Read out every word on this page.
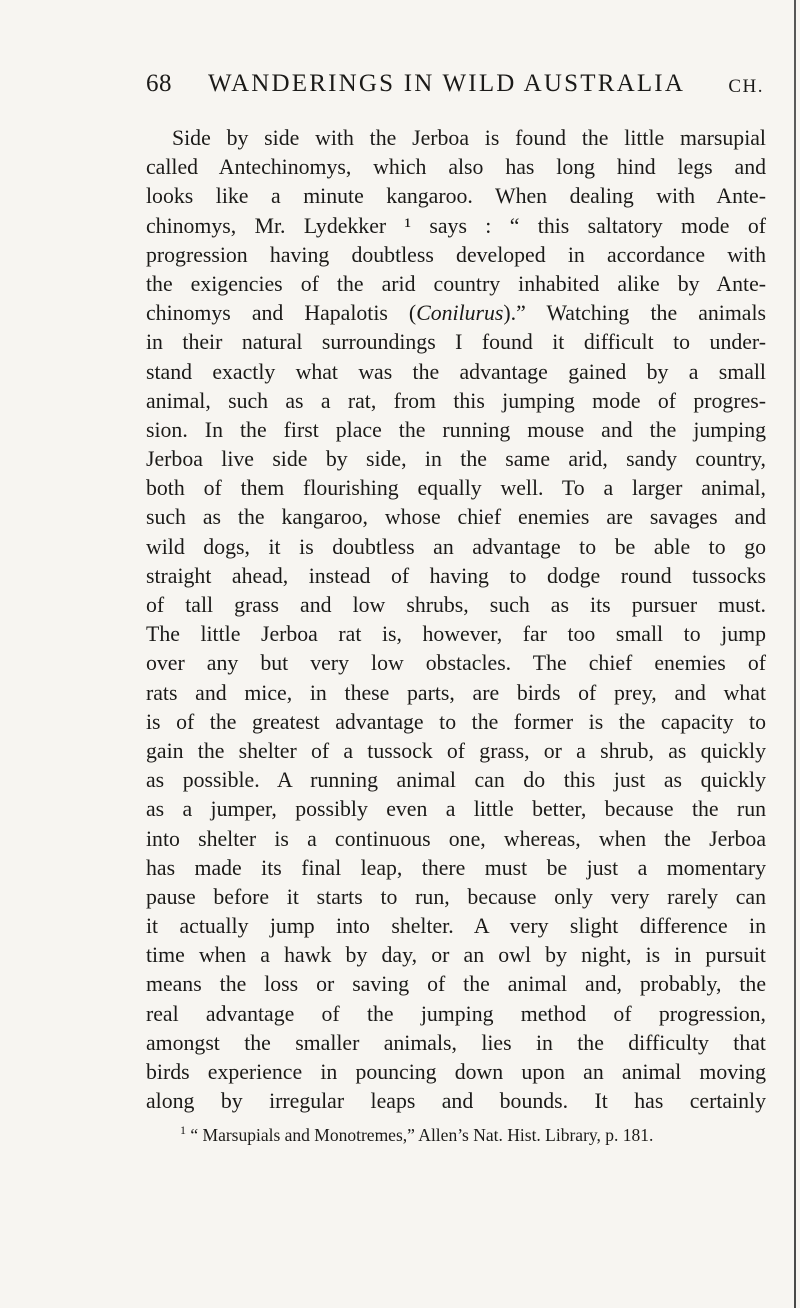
68 WANDERINGS IN WILD AUSTRALIA CH.
Side by side with the Jerboa is found the little marsupial
called Antechinomys, which also has long hind legs and
looks like a minute kangaroo. When dealing with Ante-
chinomys, Mr. Lydekker ¹ says : “ this saltatory mode of
progression having doubtless developed in accordance with
the exigencies of the arid country inhabited alike by Ante-
chinomys and Hapalotis (Conilurus).” Watching the animals
in their natural surroundings I found it difficult to under-
stand exactly what was the advantage gained by a small
animal, such as a rat, from this jumping mode of progres-
sion. In the first place the running mouse and the jumping
Jerboa live side by side, in the same arid, sandy country,
both of them flourishing equally well. To a larger animal,
such as the kangaroo, whose chief enemies are savages and
wild dogs, it is doubtless an advantage to be able to go
straight ahead, instead of having to dodge round tussocks
of tall grass and low shrubs, such as its pursuer must.
The little Jerboa rat is, however, far too small to jump
over any but very low obstacles. The chief enemies of
rats and mice, in these parts, are birds of prey, and what
is of the greatest advantage to the former is the capacity to
gain the shelter of a tussock of grass, or a shrub, as quickly
as possible. A running animal can do this just as quickly
as a jumper, possibly even a little better, because the run
into shelter is a continuous one, whereas, when the Jerboa
has made its final leap, there must be just a momentary
pause before it starts to run, because only very rarely can
it actually jump into shelter. A very slight difference in
time when a hawk by day, or an owl by night, is in pursuit
means the loss or saving of the animal and, probably, the
real advantage of the jumping method of progression,
amongst the smaller animals, lies in the difficulty that
birds experience in pouncing down upon an animal moving
along by irregular leaps and bounds. It has certainly
$^1$ “ Marsupials and Monotremes,” Allen’s Nat. Hist. Library, p. 181.
